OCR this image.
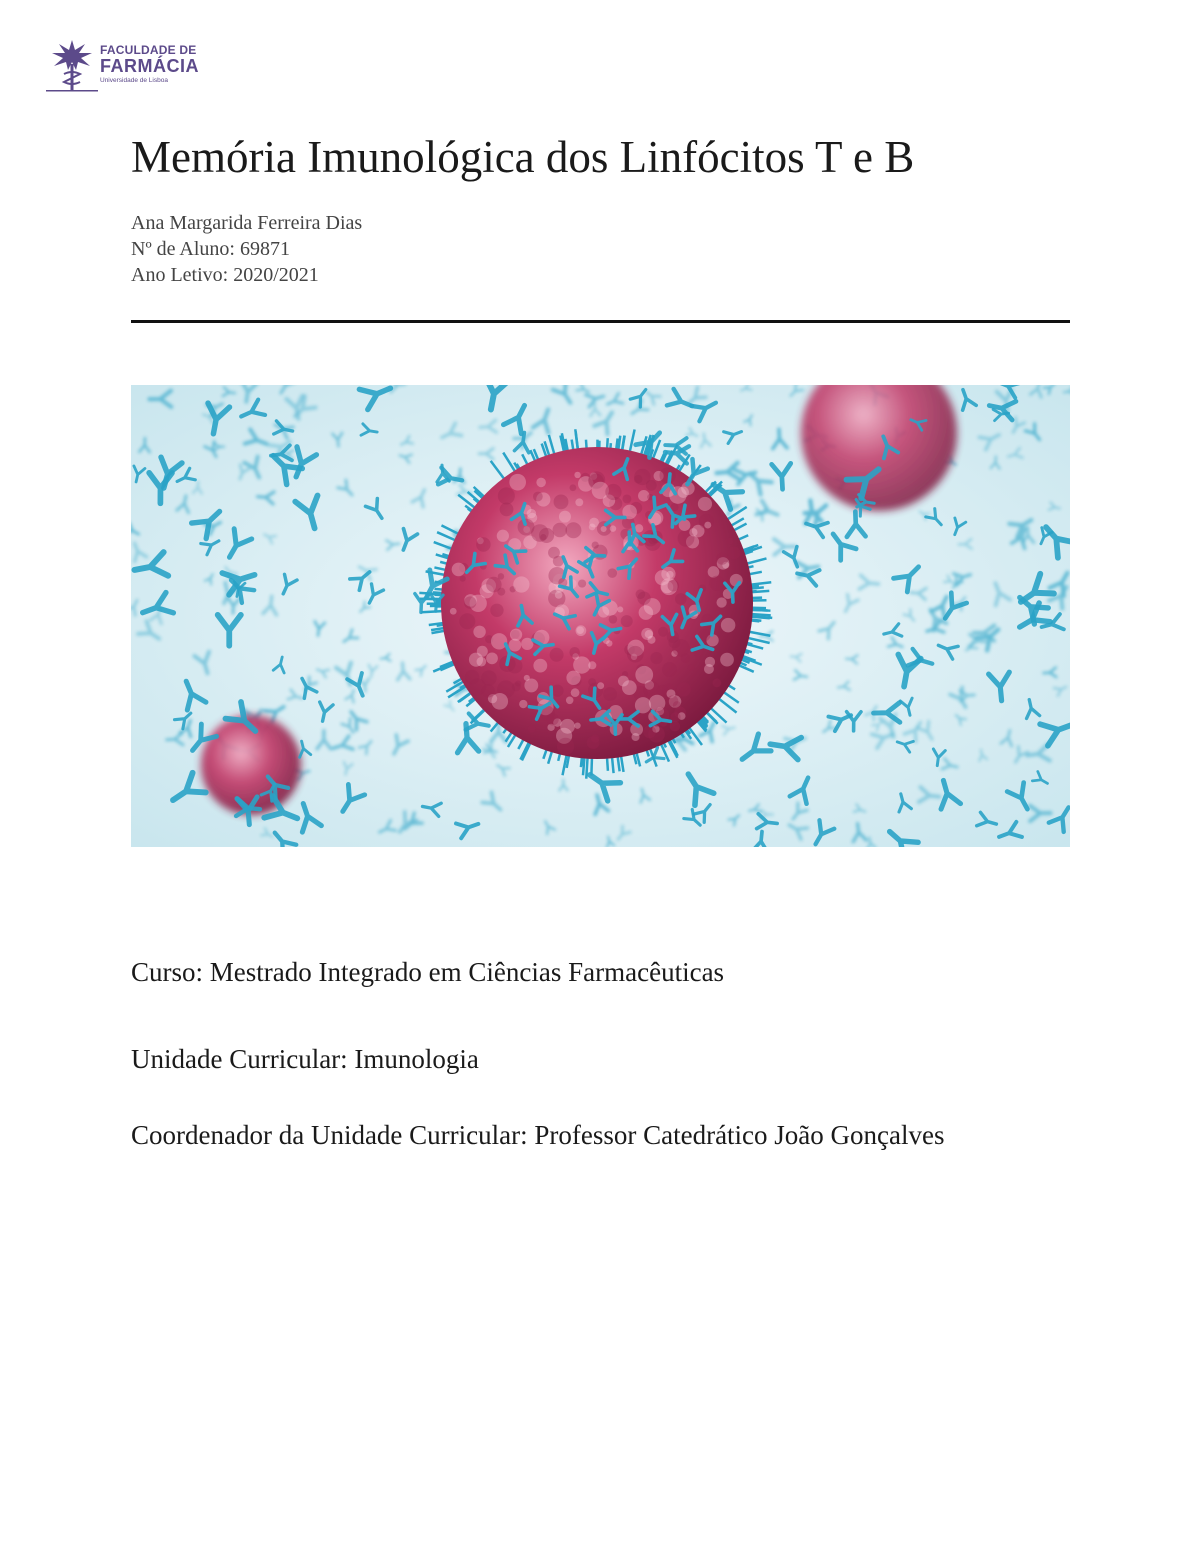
FACULDADE DE
FARMÁCIA
Universidade de Lisboa
Memória Imunológica dos Linfócitos T e B
Ana Margarida Ferreira Dias
Nº de Aluno: 69871
Ano Letivo: 2020/2021
Curso: Mestrado Integrado em Ciências Farmacêuticas
Unidade Curricular: Imunologia
Coordenador da Unidade Curricular: Professor Catedrático João Gonçalves
